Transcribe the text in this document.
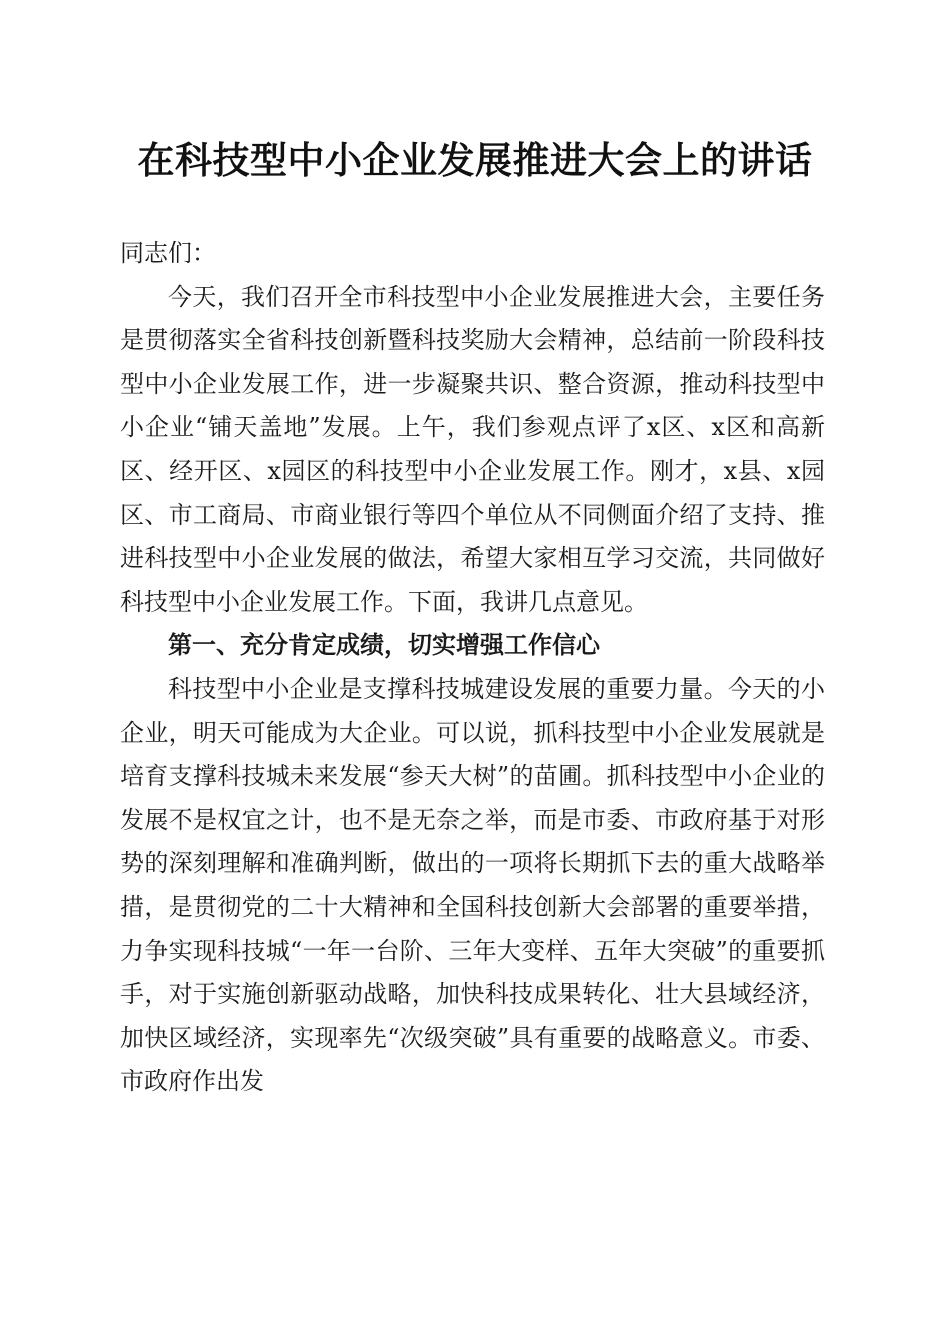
在科技型中小企业发展推进大会上的讲话

同志们：

今天，我们召开全市科技型中小企业发展推进大会，主要任务是贯彻落实全省科技创新暨科技奖励大会精神，总结前一阶段科技型中小企业发展工作，进一步凝聚共识、整合资源，推动科技型中小企业“铺天盖地”发展。上午，我们参观点评了x区、x区和高新区、经开区、x园区的科技型中小企业发展工作。刚才，x县、x园区、市工商局、市商业银行等四个单位从不同侧面介绍了支持、推进科技型中小企业发展的做法，希望大家相互学习交流，共同做好科技型中小企业发展工作。下面，我讲几点意见。

第一、充分肯定成绩，切实增强工作信心

科技型中小企业是支撑科技城建设发展的重要力量。今天的小企业，明天可能成为大企业。可以说，抓科技型中小企业发展就是培育支撑科技城未来发展“参天大树”的苗圃。抓科技型中小企业的发展不是权宜之计，也不是无奈之举，而是市委、市政府基于对形势的深刻理解和准确判断，做出的一项将长期抓下去的重大战略举措，是贯彻党的二十大精神和全国科技创新大会部署的重要举措，力争实现科技城“一年一台阶、三年大变样、五年大突破”的重要抓手，对于实施创新驱动战略，加快科技成果转化、壮大县域经济，加快区域经济，实现率先“次级突破”具有重要的战略意义。市委、市政府作出发
